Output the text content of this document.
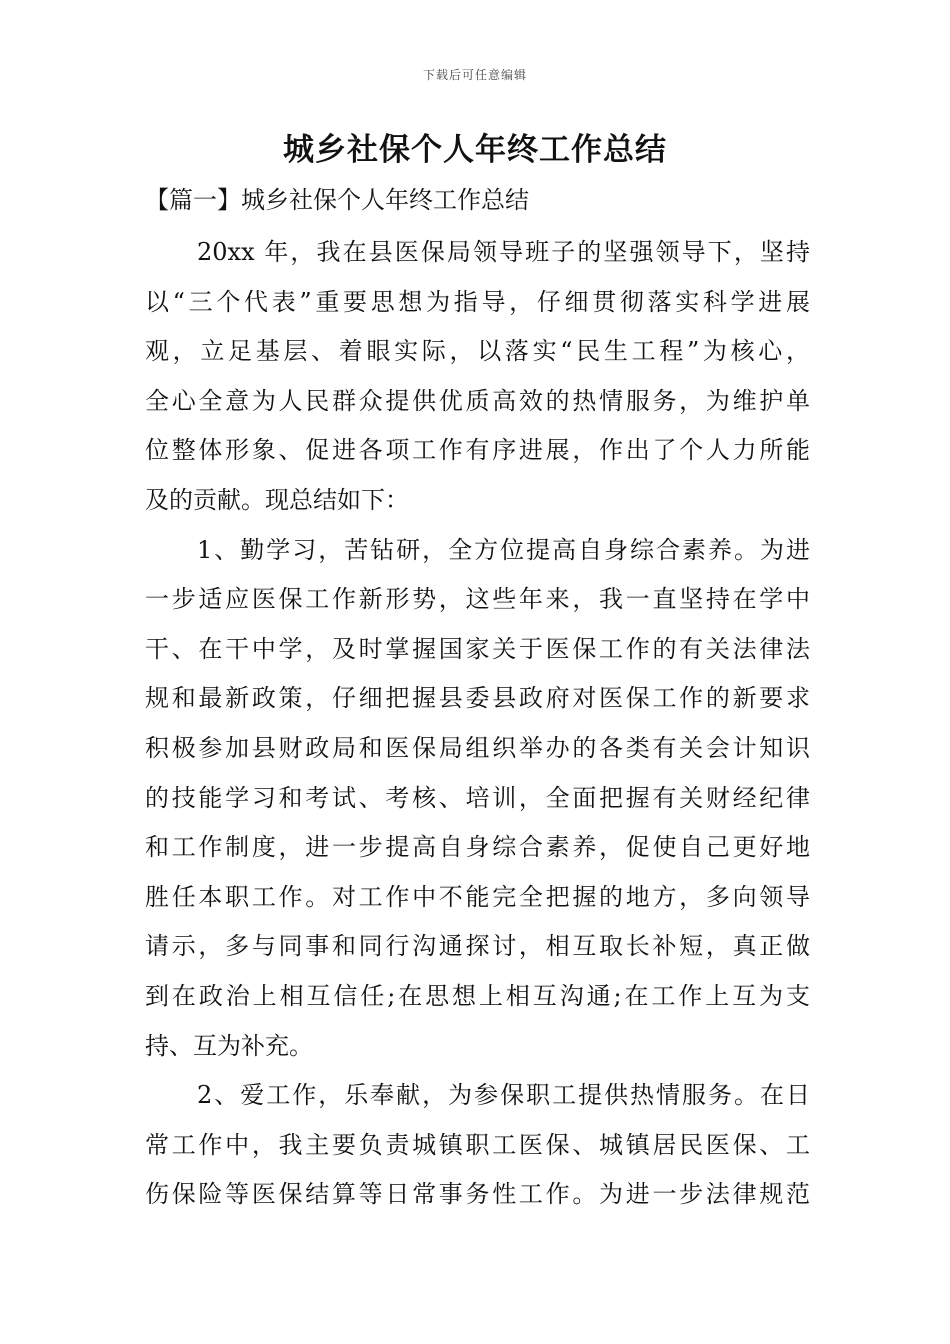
下载后可任意编辑
城乡社保个人年终工作总结
【篇一】城乡社保个人年终工作总结
20xx 年，我在县医保局领导班子的坚强领导下，坚持
以“三个代表”重要思想为指导，仔细贯彻落实科学进展
观，立足基层、着眼实际，以落实“民生工程”为核心，
全心全意为人民群众提供优质高效的热情服务，为维护单
位整体形象、促进各项工作有序进展，作出了个人力所能
及的贡献。现总结如下：
1、勤学习，苦钻研，全方位提高自身综合素养。为进
一步适应医保工作新形势，这些年来，我一直坚持在学中
干、在干中学，及时掌握国家关于医保工作的有关法律法
规和最新政策，仔细把握县委县政府对医保工作的新要求
积极参加县财政局和医保局组织举办的各类有关会计知识
的技能学习和考试、考核、培训，全面把握有关财经纪律
和工作制度，进一步提高自身综合素养，促使自己更好地
胜任本职工作。对工作中不能完全把握的地方，多向领导
请示，多与同事和同行沟通探讨，相互取长补短，真正做
到在政治上相互信任;在思想上相互沟通;在工作上互为支
持、互为补充。
2、爱工作，乐奉献，为参保职工提供热情服务。在日
常工作中，我主要负责城镇职工医保、城镇居民医保、工
伤保险等医保结算等日常事务性工作。为进一步法律规范
